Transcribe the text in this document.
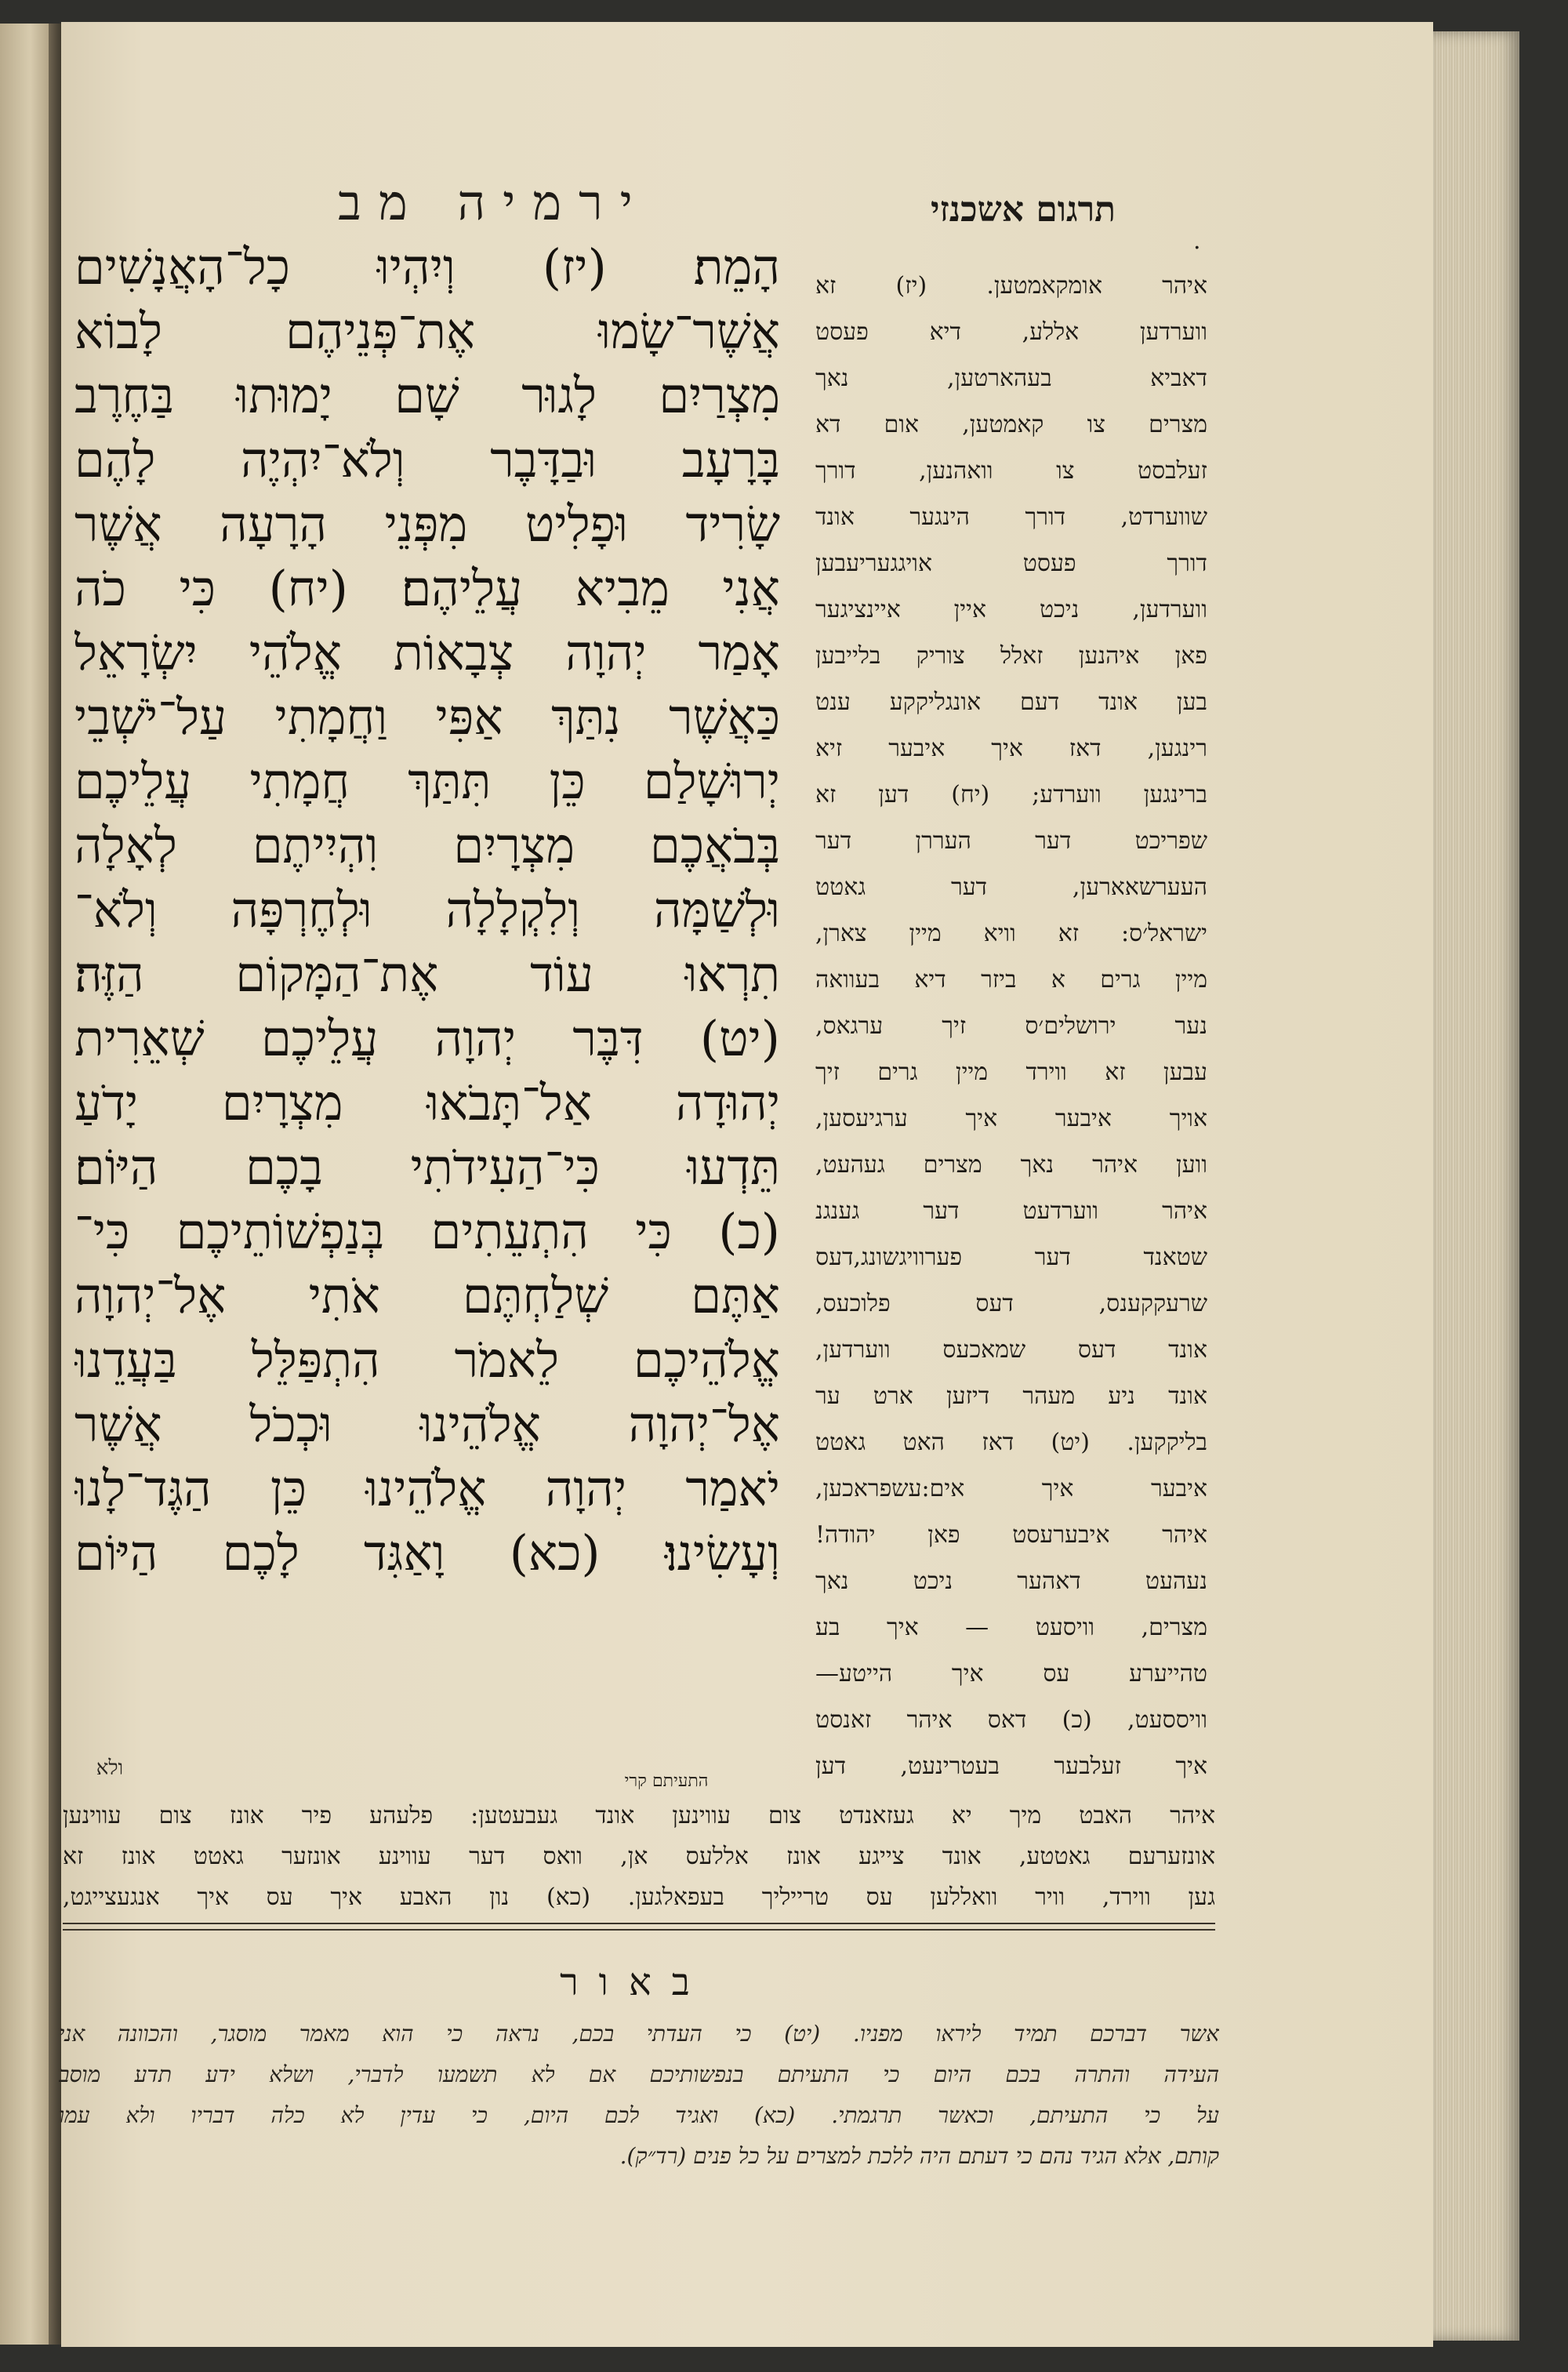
ירמיה מב	תרגום אשכנזי
.
הָמֵת׃ (יז) וְיִהְיוּ כָל־הָאֲנָשִׁים
אֲשֶׁר־שָׂמוּ אֶת־פְּנֵיהֶם לָבוֹא
מִצְרַיִם לָגוּר שָׁם יָמוּתוּ בַּחֶרֶב
בָּרָעָב וּבַדָּבֶר וְלֹא־יִהְיֶה לָהֶם
שָׂרִיד וּפָלִיט מִפְּנֵי הָרָעָה אֲשֶׁר
אֲנִי מֵבִיא עֲלֵיהֶם׃ (יח) כִּי כֹה
אָמַר יְהוָה צְבָאוֹת אֱלֹהֵי יִשְׂרָאֵל
כַּאֲשֶׁר נִתַּךְ אַפִּי וַחֲמָתִי עַל־יֹשְׁבֵי
יְרוּשָׁלַם כֵּן תִּתַּךְ חֲמָתִי עֲלֵיכֶם
בְּבֹאֲכֶם מִצְרָיִם וִהְיִיתֶם לְאָלָה
וּלְשַׁמָּה וְלִקְלָלָה וּלְחֶרְפָּה וְלֹא־
תִרְאוּ עוֹד אֶת־הַמָּקוֹם הַזֶּה׃
(יט) דִּבֶּר יְהוָה עֲלֵיכֶם שְׁאֵרִית
יְהוּדָה אַל־תָּבֹאוּ מִצְרָיִם יָדֹעַ
תֵּדְעוּ כִּי־הַעִידֹתִי בָכֶם הַיּוֹם׃
(כ) כִּי הִתְעֵתִים בְּנַפְשׁוֹתֵיכֶם כִּי־
אַתֶּם שְׁלַחְתֶּם אֹתִי אֶל־יְהוָה
אֱלֹהֵיכֶם לֵאמֹר הִתְפַּלֵּל בַּעֲדֵנוּ
אֶל־יְהוָה אֱלֹהֵינוּ וּכְכֹל אֲשֶׁר
יֹאמַר יְהוָה אֱלֹהֵינוּ כֵּן הַגֶּד־לָנוּ
וְעָשִׂינוּ׃ (כא) וָאַגִּד לָכֶם הַיּוֹם
איהר אומקאמטען. (יז) זא
ווערדען אללע, דיא פעסט
דאביא בעהארטען, נאך
מצרים צו קאמטען, אום דא
זעלבסט צו וואהנען, דורך
שווערדט, דורך הינגער אונד
דורך פעסט אויגגעריעבען
ווערדען, ניכט איין איינציגער
פאן איהנען זאלל צוריק בלייבען
בען אונד דעם אונגליקקע ענט
רינגען, דאז איך איבער זיא
ברינגען ווערדע; (יח) דען זא
שפריכט דער העררן דער
העערשאארען, דער גאטט
ישראל׳ס: זא וויא מיין צארן,
מיין גרים א ביזר דיא בעוואה
נער ירושלים׳ס זיך ערגאס,
עבען זא ווירד מיין גרים זיך
אויך איבער איך ערגיעסען,
ווען איהר נאך מצרים געהעט,
איהר ווערדעט דער גענגנ
שטאנד דער פערוויגשונג,דעס
שרעקקענס, דעס פלוכעס,
אונד דעס שמאכעס ווערדען,
אונד ניע מעהר דיזען ארט ער
בליקקען. (יט) דאז האט גאטט
איבער איך אים:עשפראכען,
איהר איבערעסט פאן יהודה!
נעהעט דאהער ניכט נאך
מצרים, וויסעט — איך בע
טהייערע עס איך הייטע—
וויססעט, (כ) דאס איהר זאנסט
איך זעלבער בעטרינעט, דען
התעיתם קרי
ולא
איהר האבט מיך יא געזאנדט צום עווינען אונד געבעטען: פלעהע פיר אונז צום עווינען
אונזערעם גאטטע, אונד צייגע אונז אללעס אן, וואס דער עווינע אונזער גאטט אונז זא
גען ווירד, וויר וואללען עס טרייליך בעפאלגען. (כא) נון האבע איך עס איך אנגעצייגט,
באור
אשר דברכם תמיד ליראו מפניו. (יט) כי העדתי בכם, נראה כי הוא מאמר מוסגר, והכוונה אני
העידה והתרה בכם היום כי התעיתם בנפשותיכם אם לא תשמעו לדברי, ושלא ידע תדע מוסב
על כי התעיתם, וכאשר תרגמתי. (כא) ואגיד לכם היום, כי עדין לא כלה דבריו ולא עמו
קותם, אלא הגיד נהם כי דעתם היה ללכת למצרים על כל פנים (רד״ק).
